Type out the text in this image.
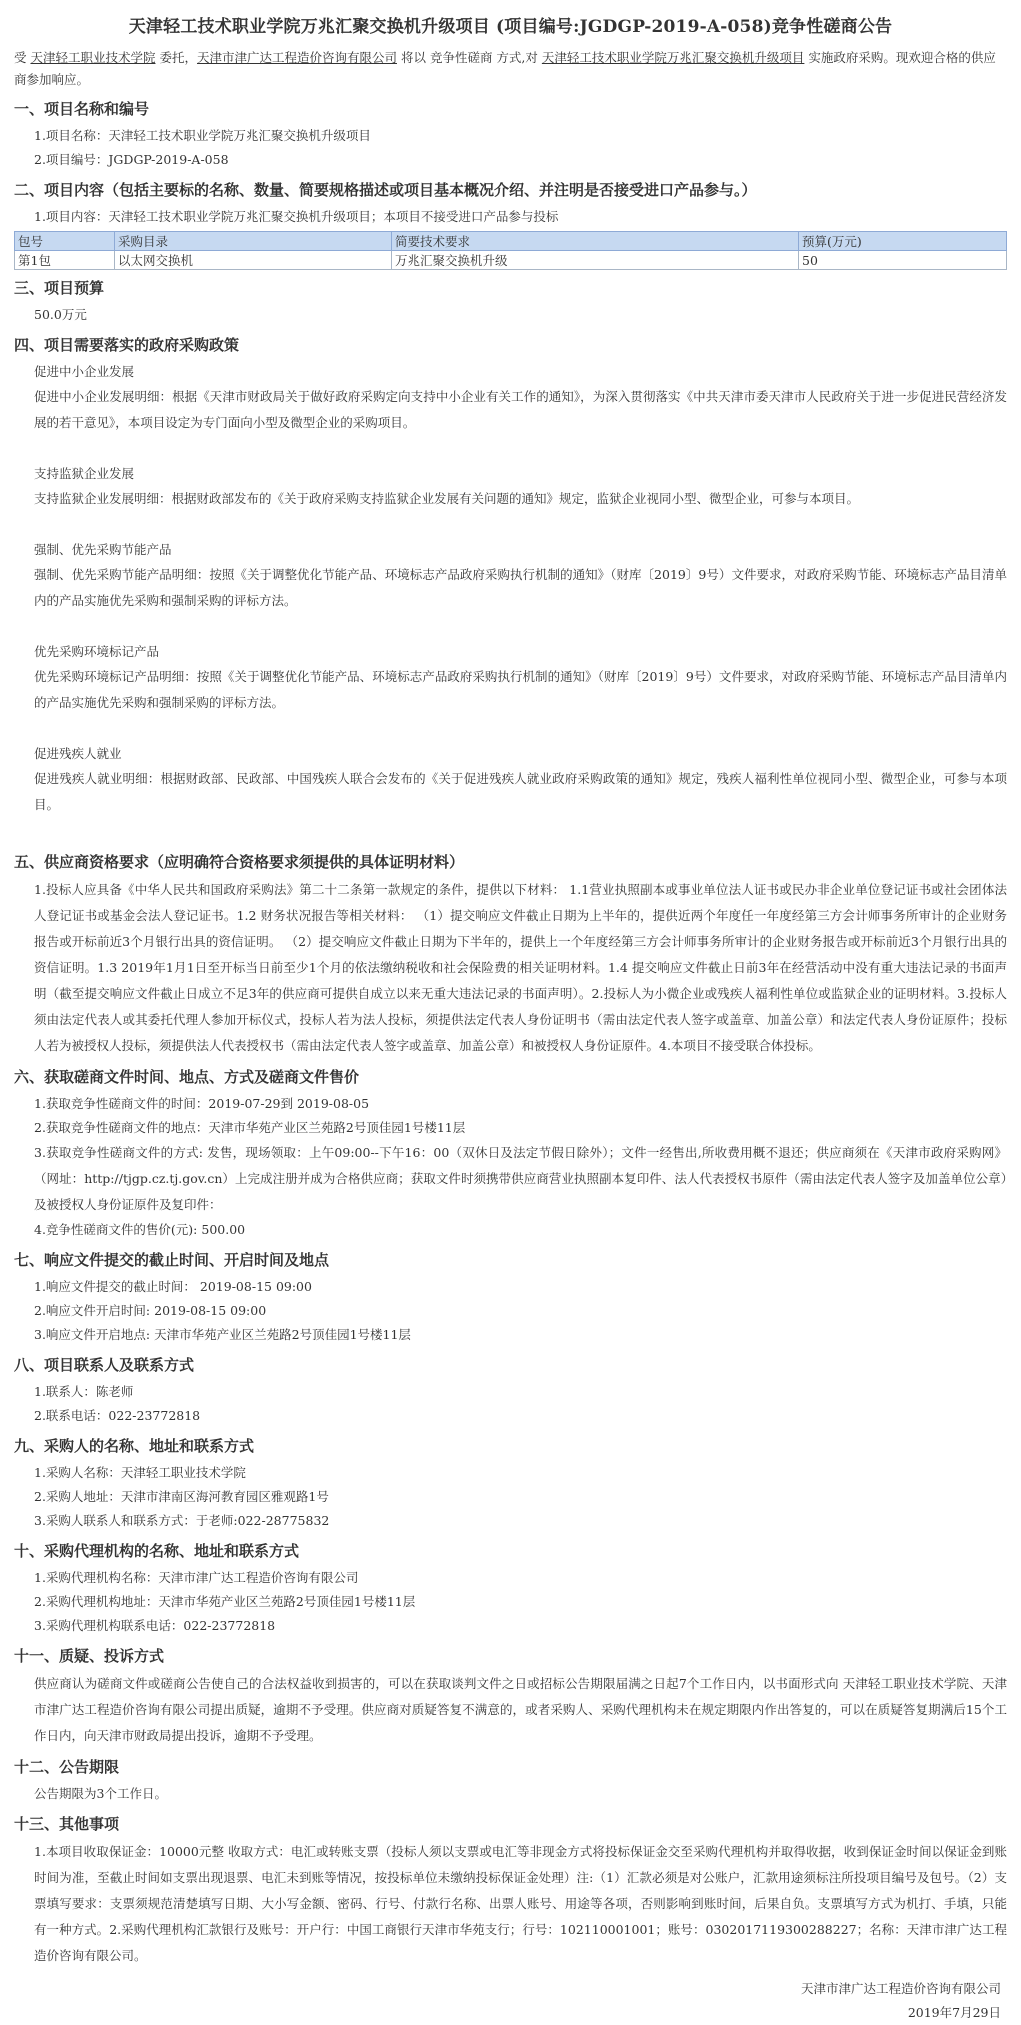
天津轻工技术职业学院万兆汇聚交换机升级项目 (项目编号:JGDGP-2019-A-058)竞争性磋商公告

受 天津轻工职业技术学院 委托，天津市津广达工程造价咨询有限公司 将以 竞争性磋商 方式,对 天津轻工技术职业学院万兆汇聚交换机升级项目 实施政府采购。现欢迎合格的供应商参加响应。

一、项目名称和编号
1.项目名称：天津轻工技术职业学院万兆汇聚交换机升级项目
2.项目编号：JGDGP-2019-A-058
二、项目内容（包括主要标的名称、数量、简要规格描述或项目基本概况介绍、并注明是否接受进口产品参与。）
1.项目内容：天津轻工技术职业学院万兆汇聚交换机升级项目；本项目不接受进口产品参与投标
包号	采购目录	简要技术要求	预算(万元)
第1包	以太网交换机	万兆汇聚交换机升级	50
三、项目预算
50.0万元
四、项目需要落实的政府采购政策
促进中小企业发展
促进中小企业发展明细：根据《天津市财政局关于做好政府采购定向支持中小企业有关工作的通知》，为深入贯彻落实《中共天津市委天津市人民政府关于进一步促进民营经济发展的若干意见》，本项目设定为专门面向小型及微型企业的采购项目。
支持监狱企业发展
支持监狱企业发展明细：根据财政部发布的《关于政府采购支持监狱企业发展有关问题的通知》规定，监狱企业视同小型、微型企业，可参与本项目。
强制、优先采购节能产品
强制、优先采购节能产品明细：按照《关于调整优化节能产品、环境标志产品政府采购执行机制的通知》（财库〔2019〕9号）文件要求，对政府采购节能、环境标志产品目清单内的产品实施优先采购和强制采购的评标方法。
优先采购环境标记产品
优先采购环境标记产品明细：按照《关于调整优化节能产品、环境标志产品政府采购执行机制的通知》（财库〔2019〕9号）文件要求，对政府采购节能、环境标志产品目清单内的产品实施优先采购和强制采购的评标方法。
促进残疾人就业
促进残疾人就业明细：根据财政部、民政部、中国残疾人联合会发布的《关于促进残疾人就业政府采购政策的通知》规定，残疾人福利性单位视同小型、微型企业，可参与本项目。
五、供应商资格要求（应明确符合资格要求须提供的具体证明材料）
1.投标人应具备《中华人民共和国政府采购法》第二十二条第一款规定的条件，提供以下材料： 1.1营业执照副本或事业单位法人证书或民办非企业单位登记证书或社会团体法人登记证书或基金会法人登记证书。1.2 财务状况报告等相关材料： （1）提交响应文件截止日期为上半年的，提供近两个年度任一年度经第三方会计师事务所审计的企业财务报告或开标前近3个月银行出具的资信证明。 （2）提交响应文件截止日期为下半年的，提供上一个年度经第三方会计师事务所审计的企业财务报告或开标前近3个月银行出具的资信证明。1.3 2019年1月1日至开标当日前至少1个月的依法缴纳税收和社会保险费的相关证明材料。1.4 提交响应文件截止日前3年在经营活动中没有重大违法记录的书面声明（截至提交响应文件截止日成立不足3年的供应商可提供自成立以来无重大违法记录的书面声明）。2.投标人为小微企业或残疾人福利性单位或监狱企业的证明材料。3.投标人须由法定代表人或其委托代理人参加开标仪式，投标人若为法人投标，须提供法定代表人身份证明书（需由法定代表人签字或盖章、加盖公章）和法定代表人身份证原件；投标人若为被授权人投标，须提供法人代表授权书（需由法定代表人签字或盖章、加盖公章）和被授权人身份证原件。4.本项目不接受联合体投标。
六、获取磋商文件时间、地点、方式及磋商文件售价
1.获取竞争性磋商文件的时间：2019-07-29到 2019-08-05
2.获取竞争性磋商文件的地点：天津市华苑产业区兰苑路2号顶佳园1号楼11层
3.获取竞争性磋商文件的方式: 发售，现场领取：上午09:00--下午16：00（双休日及法定节假日除外）；文件一经售出,所收费用概不退还；供应商须在《天津市政府采购网》（网址：http://tjgp.cz.tj.gov.cn）上完成注册并成为合格供应商；获取文件时须携带供应商营业执照副本复印件、法人代表授权书原件（需由法定代表人签字及加盖单位公章）及被授权人身份证原件及复印件：
4.竞争性磋商文件的售价(元): 500.00
七、响应文件提交的截止时间、开启时间及地点
1.响应文件提交的截止时间： 2019-08-15 09:00
2.响应文件开启时间: 2019-08-15 09:00
3.响应文件开启地点: 天津市华苑产业区兰苑路2号顶佳园1号楼11层
八、项目联系人及联系方式
1.联系人：陈老师
2.联系电话：022-23772818
九、采购人的名称、地址和联系方式
1.采购人名称：天津轻工职业技术学院
2.采购人地址：天津市津南区海河教育园区雅观路1号
3.采购人联系人和联系方式：于老师:022-28775832
十、采购代理机构的名称、地址和联系方式
1.采购代理机构名称：天津市津广达工程造价咨询有限公司
2.采购代理机构地址：天津市华苑产业区兰苑路2号顶佳园1号楼11层
3.采购代理机构联系电话：022-23772818
十一、质疑、投诉方式
供应商认为磋商文件或磋商公告使自己的合法权益收到损害的，可以在获取谈判文件之日或招标公告期限届满之日起7个工作日内，以书面形式向 天津轻工职业技术学院、天津市津广达工程造价咨询有限公司提出质疑，逾期不予受理。供应商对质疑答复不满意的，或者采购人、采购代理机构未在规定期限内作出答复的，可以在质疑答复期满后15个工作日内，向天津市财政局提出投诉，逾期不予受理。
十二、公告期限
公告期限为3个工作日。
十三、其他事项
1.本项目收取保证金：10000元整 收取方式：电汇或转账支票（投标人须以支票或电汇等非现金方式将投标保证金交至采购代理机构并取得收据，收到保证金时间以保证金到账时间为准，至截止时间如支票出现退票、电汇未到账等情况，按投标单位未缴纳投标保证金处理）注:（1）汇款必须是对公账户，汇款用途须标注所投项目编号及包号。（2）支票填写要求：支票须规范清楚填写日期、大小写金额、密码、行号、付款行名称、出票人账号、用途等各项，否则影响到账时间，后果自负。支票填写方式为机打、手填，只能有一种方式。2.采购代理机构汇款银行及账号：开户行：中国工商银行天津市华苑支行；行号：102110001001；账号：0302017119300288227；名称：天津市津广达工程造价咨询有限公司。
天津市津广达工程造价咨询有限公司
2019年7月29日
